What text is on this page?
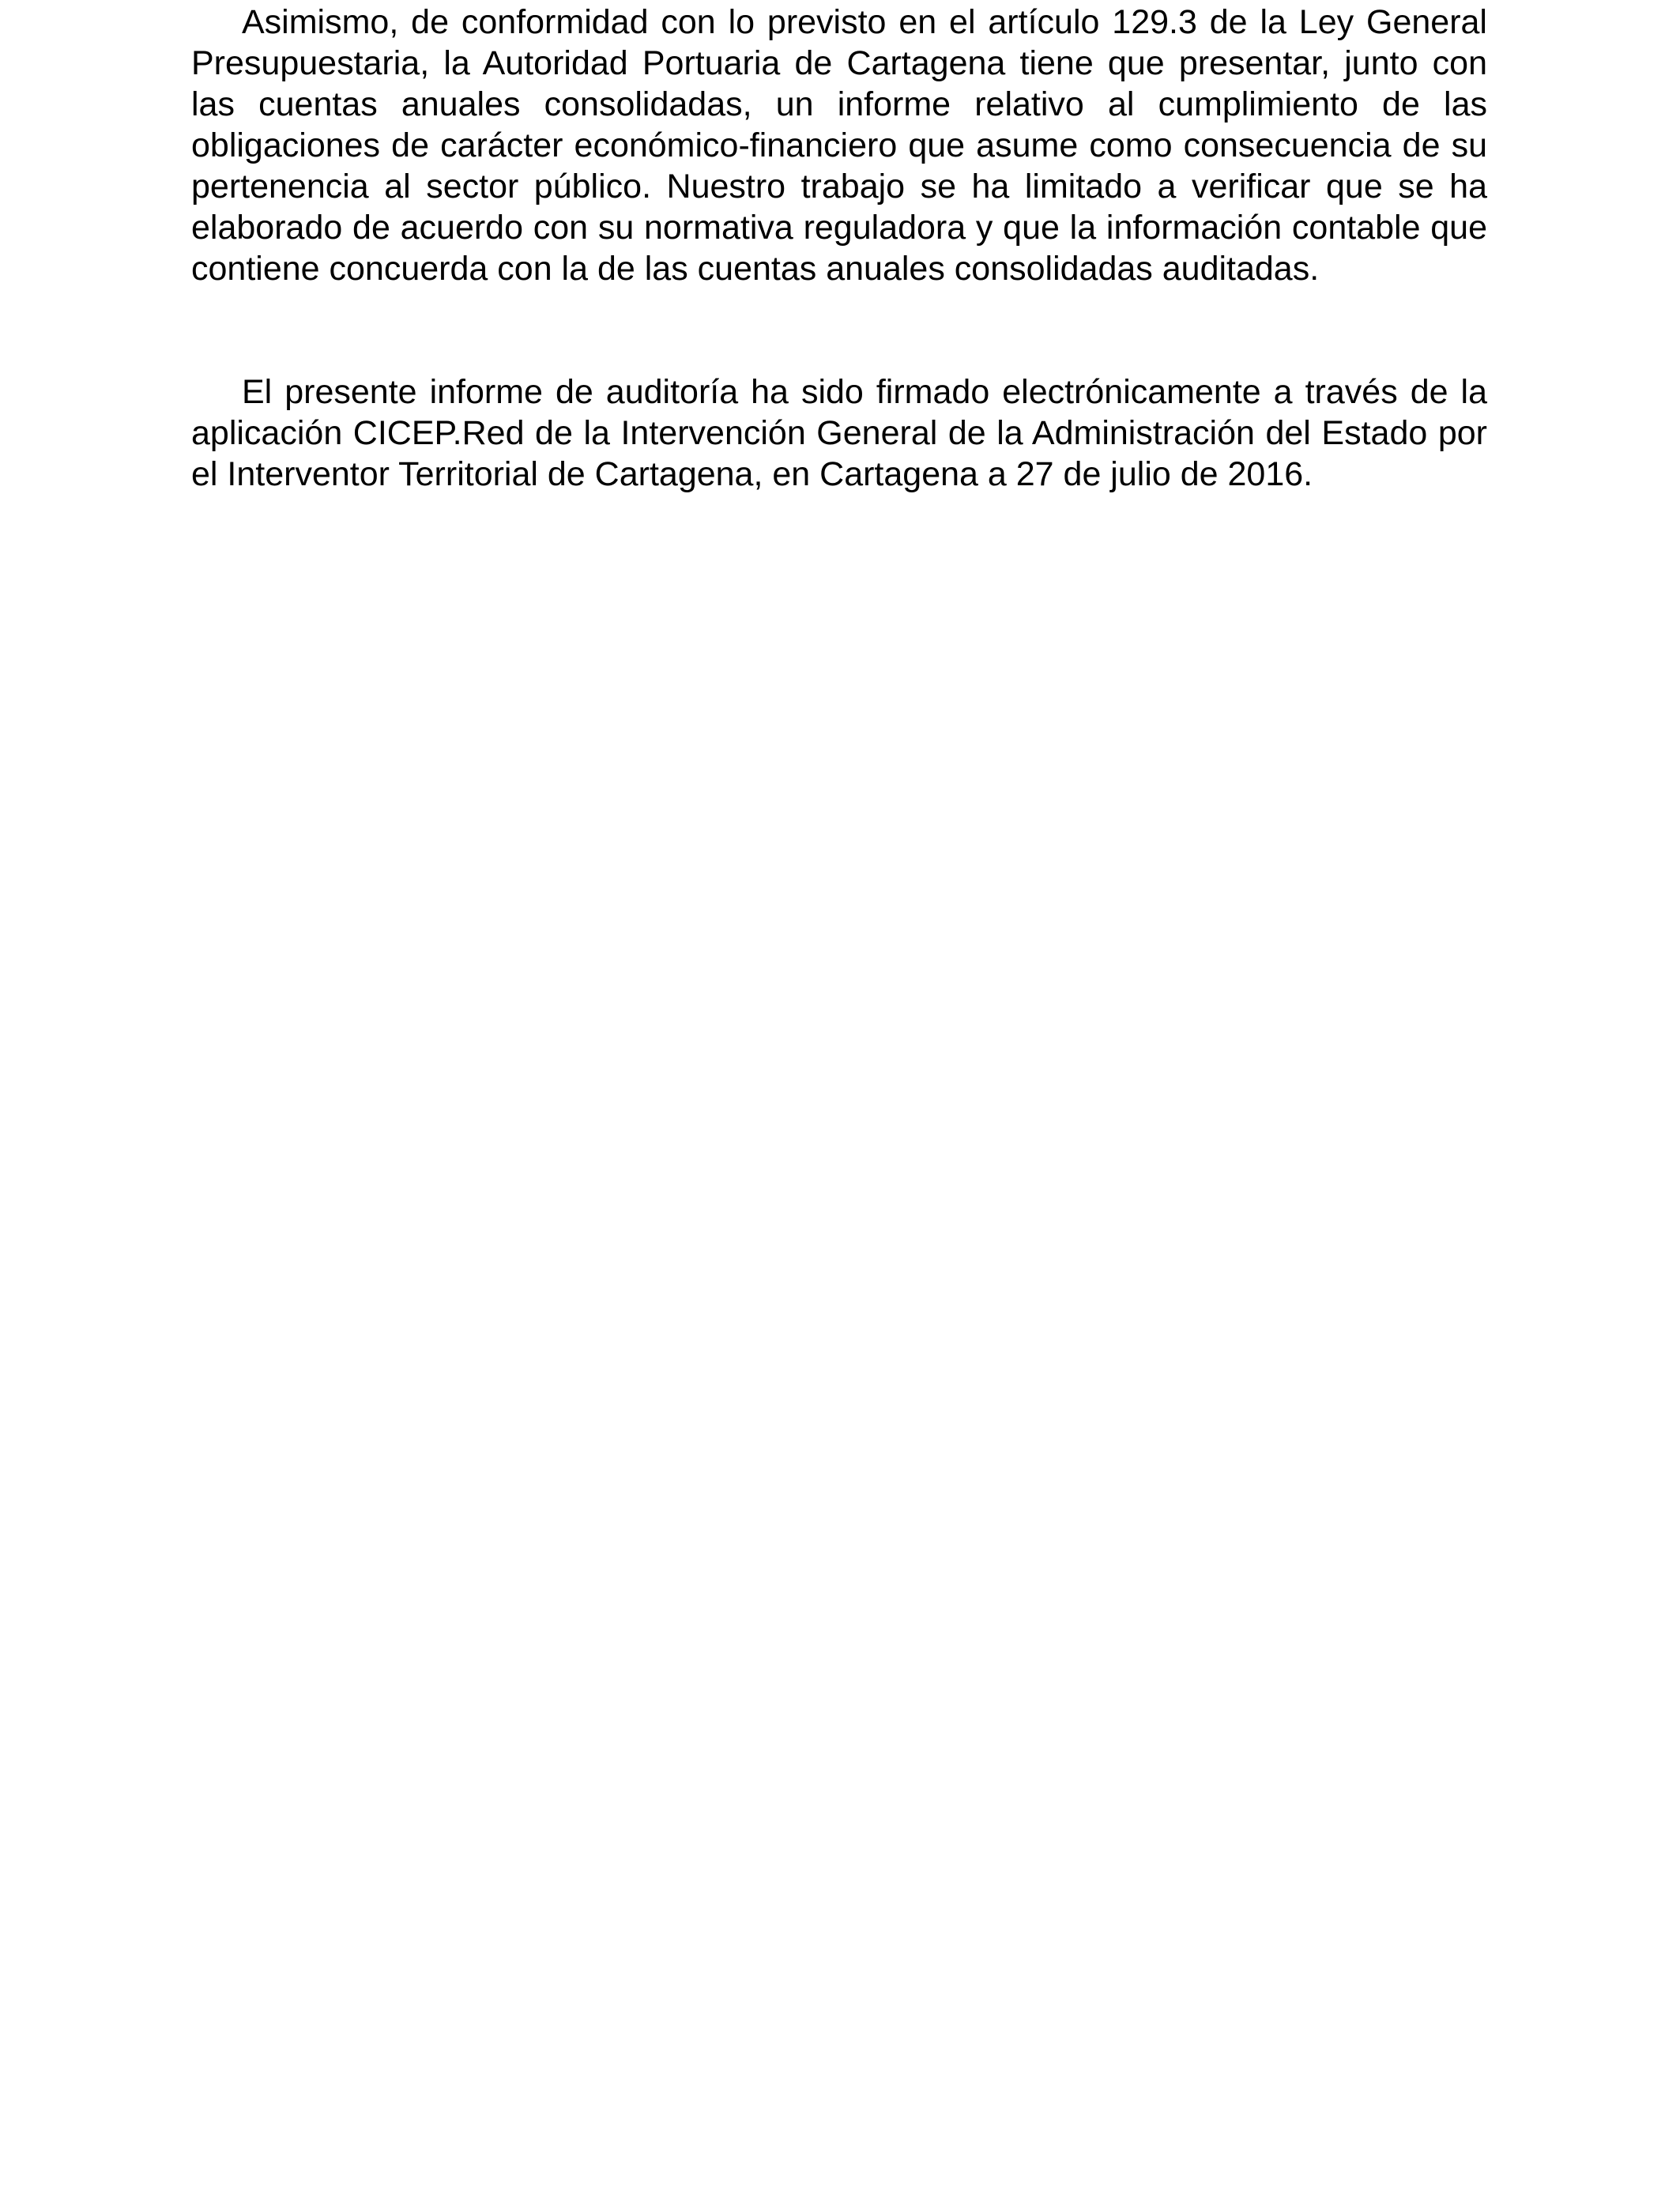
Asimismo, de conformidad con lo previsto en el artículo 129.3 de la Ley General Presupuestaria, la Autoridad Portuaria de Cartagena tiene que presentar, junto con las cuentas anuales consolidadas, un informe relativo al cumplimiento de las obligaciones de carácter económico-financiero que asume como consecuencia de su pertenencia al sector público. Nuestro trabajo se ha limitado a verificar que se ha elaborado de acuerdo con su normativa reguladora y que la información contable que contiene concuerda con la de las cuentas anuales consolidadas auditadas.

El presente informe de auditoría ha sido firmado electrónicamente a través de la aplicación CICEP.Red de la Intervención General de la Administración del Estado por el Interventor Territorial de Cartagena, en Cartagena a 27 de julio de 2016.
